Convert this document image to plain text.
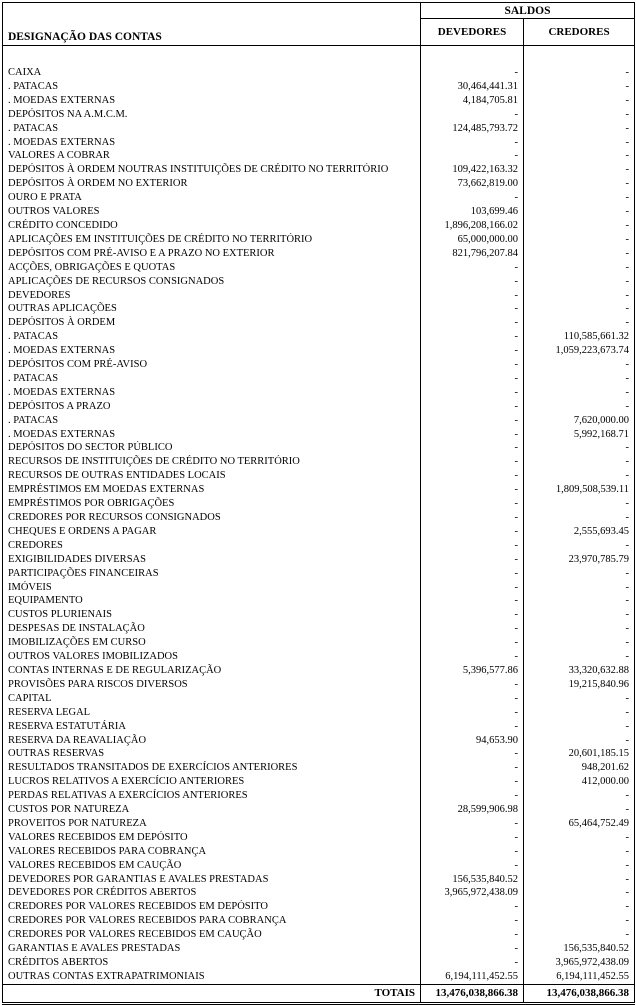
DESIGNAÇÃO DAS CONTAS	SALDOS	
	DEVEDORES	CREDORES

CAIXA	-	-
. PATACAS	30,464,441.31	-
. MOEDAS EXTERNAS	4,184,705.81	-
DEPÓSITOS NA A.M.C.M.	-	-
. PATACAS	124,485,793.72	-
. MOEDAS EXTERNAS	-	-
VALORES A COBRAR	-	-
DEPÓSITOS À ORDEM NOUTRAS INSTITUIÇÕES DE CRÉDITO NO TERRITÓRIO	109,422,163.32	-
DEPÓSITOS À ORDEM NO EXTERIOR	73,662,819.00	-
OURO E PRATA	-	-
OUTROS VALORES	103,699.46	-
CRÉDITO CONCEDIDO	1,896,208,166.02	-
APLICAÇÕES EM INSTITUIÇÕES DE CRÉDITO NO TERRITÓRIO	65,000,000.00	-
DEPÓSITOS COM PRÉ-AVISO E A PRAZO NO EXTERIOR	821,796,207.84	-
ACÇÕES, OBRIGAÇÕES E QUOTAS	-	-
APLICAÇÕES DE RECURSOS CONSIGNADOS	-	-
DEVEDORES	-	-
OUTRAS APLICAÇÕES	-	-
DEPÓSITOS À ORDEM	-	-
. PATACAS	-	110,585,661.32
. MOEDAS EXTERNAS	-	1,059,223,673.74
DEPÓSITOS COM PRÉ-AVISO	-	-
. PATACAS	-	-
. MOEDAS EXTERNAS	-	-
DEPÓSITOS A PRAZO	-	-
. PATACAS	-	7,620,000.00
. MOEDAS EXTERNAS	-	5,992,168.71
DEPÓSITOS DO SECTOR PÚBLICO	-	-
RECURSOS DE INSTITUIÇÕES DE CRÉDITO NO TERRITÓRIO	-	-
RECURSOS DE OUTRAS ENTIDADES LOCAIS	-	-
EMPRÉSTIMOS EM MOEDAS EXTERNAS	-	1,809,508,539.11
EMPRÉSTIMOS POR OBRIGAÇÕES	-	-
CREDORES POR RECURSOS CONSIGNADOS	-	-
CHEQUES E ORDENS A PAGAR	-	2,555,693.45
CREDORES	-	-
EXIGIBILIDADES DIVERSAS	-	23,970,785.79
PARTICIPAÇÕES FINANCEIRAS	-	-
IMÓVEIS	-	-
EQUIPAMENTO	-	-
CUSTOS PLURIENAIS	-	-
DESPESAS DE INSTALAÇÃO	-	-
IMOBILIZAÇÕES EM CURSO	-	-
OUTROS VALORES IMOBILIZADOS	-	-
CONTAS INTERNAS E DE REGULARIZAÇÃO	5,396,577.86	33,320,632.88
PROVISÕES PARA RISCOS DIVERSOS	-	19,215,840.96
CAPITAL	-	-
RESERVA LEGAL	-	-
RESERVA ESTATUTÁRIA	-	-
RESERVA DA REAVALIAÇÃO	94,653.90	-
OUTRAS RESERVAS	-	20,601,185.15
RESULTADOS TRANSITADOS DE EXERCÍCIOS ANTERIORES	-	948,201.62
LUCROS RELATIVOS A EXERCÍCIO ANTERIORES	-	412,000.00
PERDAS RELATIVAS A EXERCÍCIOS ANTERIORES	-	-
CUSTOS POR NATUREZA	28,599,906.98	-
PROVEITOS POR NATUREZA	-	65,464,752.49
VALORES RECEBIDOS EM DEPÓSITO	-	-
VALORES RECEBIDOS PARA COBRANÇA	-	-
VALORES RECEBIDOS EM CAUÇÃO	-	-
DEVEDORES POR GARANTIAS E AVALES PRESTADAS	156,535,840.52	-
DEVEDORES POR CRÉDITOS ABERTOS	3,965,972,438.09	-
CREDORES POR VALORES RECEBIDOS EM DEPÓSITO	-	-
CREDORES POR VALORES RECEBIDOS PARA COBRANÇA	-	-
CREDORES POR VALORES RECEBIDOS EM CAUÇÃO	-	-
GARANTIAS E AVALES PRESTADAS	-	156,535,840.52
CRÉDITOS ABERTOS	-	3,965,972,438.09
OUTRAS CONTAS EXTRAPATRIMONIAIS	6,194,111,452.55	6,194,111,452.55
TOTAIS	13,476,038,866.38	13,476,038,866.38
